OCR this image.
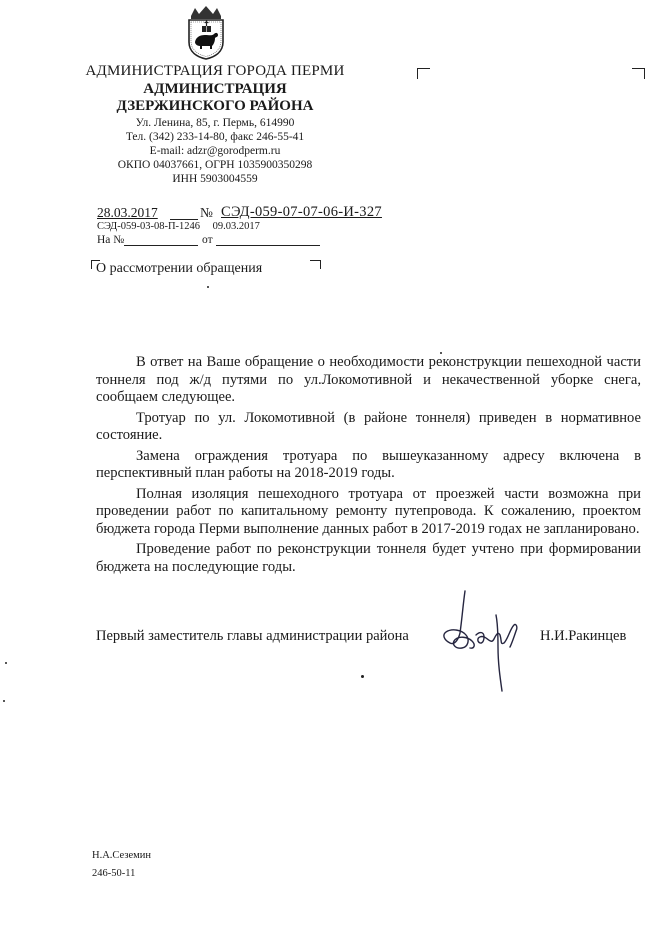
АДМИНИСТРАЦИЯ ГОРОДА ПЕРМИ
АДМИНИСТРАЦИЯ
ДЗЕРЖИНСКОГО РАЙОНА
Ул. Ленина, 85, г. Пермь, 614990
Тел. (342) 233-14-80, факс 246-55-41
E-mail: adzr@gorodperm.ru
ОКПО 04037661, ОГРН 1035900350298
ИНН 5903004559
28.03.2017	№ СЭД-059-07-07-06-И-327
СЭД-059-03-08-П-1246 09.03.2017
На №	от
О рассмотрении обращения

В ответ на Ваше обращение о необходимости реконструкции пешеходной части тоннеля под ж/д путями по ул.Локомотивной и некачественной уборке снега, сообщаем следующее.

Тротуар по ул. Локомотивной (в районе тоннеля) приведен в нормативное состояние.

Замена ограждения тротуара по вышеуказанному адресу включена в перспективный план работы на 2018-2019 годы.

Полная изоляция пешеходного тротуара от проезжей части возможна при проведении работ по капитальному ремонту путепровода. К сожалению, проектом бюджета города Перми выполнение данных работ в 2017-2019 годах не запланировано.

Проведение работ по реконструкции тоннеля будет учтено при формировании бюджета на последующие годы.

Первый заместитель главы администрации района	Н.И.Ракинцев
Н.А.Сеземин
246-50-11
